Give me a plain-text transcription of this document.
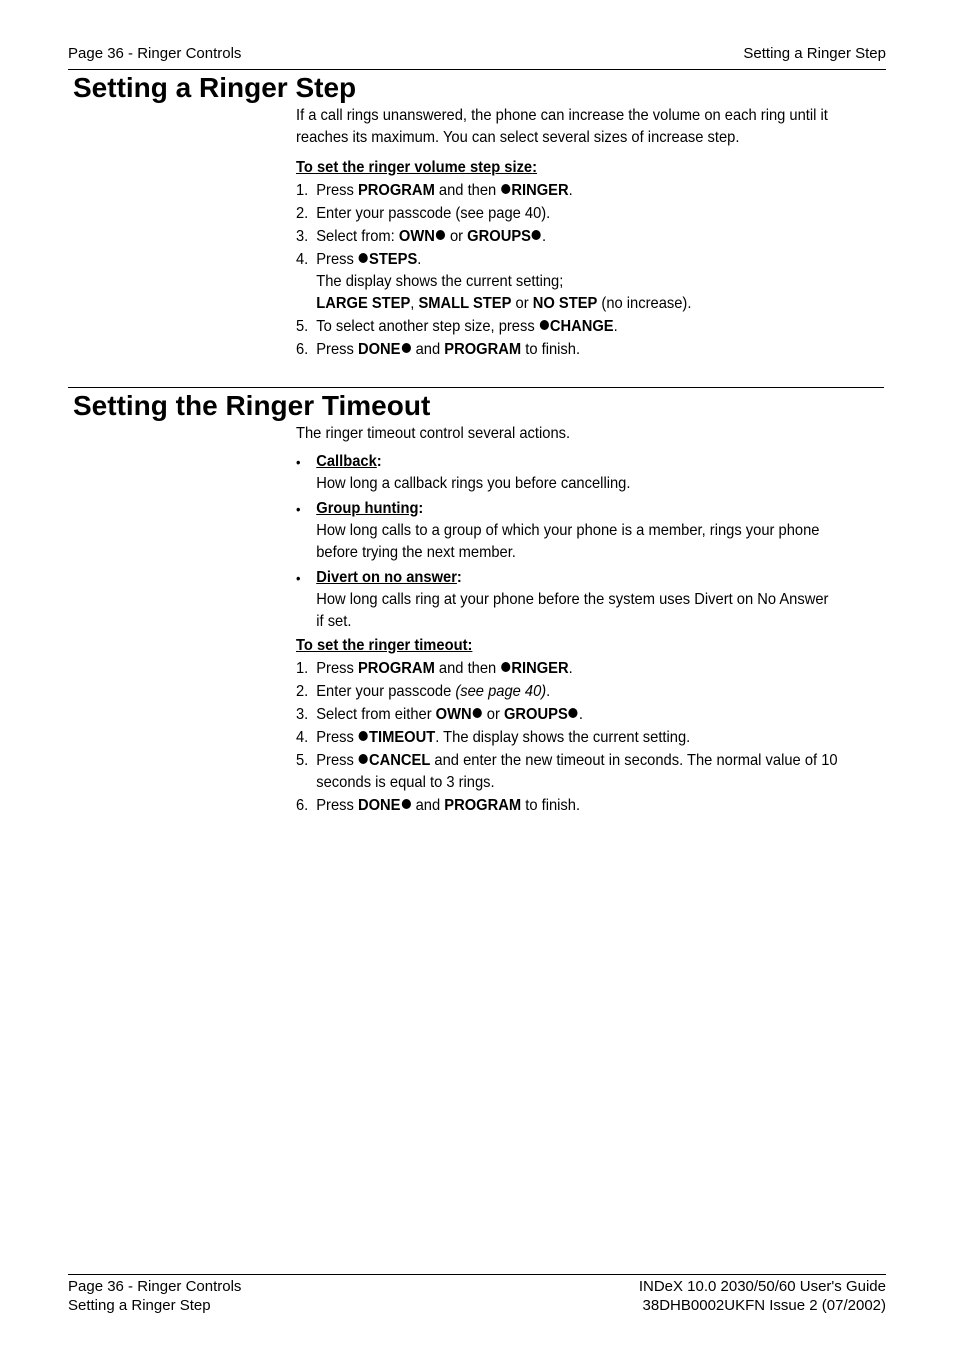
Page 36 - Ringer Controls	Setting a Ringer Step
Setting a Ringer Step

If a call rings unanswered, the phone can increase the volume on each ring until it reaches its maximum. You can select several sizes of increase step.

To set the ringer volume step size:
1. Press PROGRAM and then RINGER.
2. Enter your passcode (see page 40).
3. Select from: OWN or GROUPS .
4. Press STEPS.
The display shows the current setting;
LARGE STEP, SMALL STEP or NO STEP (no increase).
5. To select another step size, press CHANGE.
6. Press DONE and PROGRAM to finish.
Setting the Ringer Timeout

The ringer timeout control several actions.

• Callback:
How long a callback rings you before cancelling.
• Group hunting:
How long calls to a group of which your phone is a member, rings your phone before trying the next member.
• Divert on no answer:
How long calls ring at your phone before the system uses Divert on No Answer if set.
To set the ringer timeout:
1. Press PROGRAM and then RINGER.
2. Enter your passcode (see page 40).
3. Select from either OWN or GROUPS .
4. Press TIMEOUT. The display shows the current setting.
5. Press CANCEL and enter the new timeout in seconds. The normal value of 10 seconds is equal to 3 rings.
6. Press DONE and PROGRAM to finish.
Page 36 - Ringer Controls
Setting a Ringer Step
INDeX 10.0 2030/50/60 User's Guide
38DHB0002UKFN Issue 2 (07/2002)
